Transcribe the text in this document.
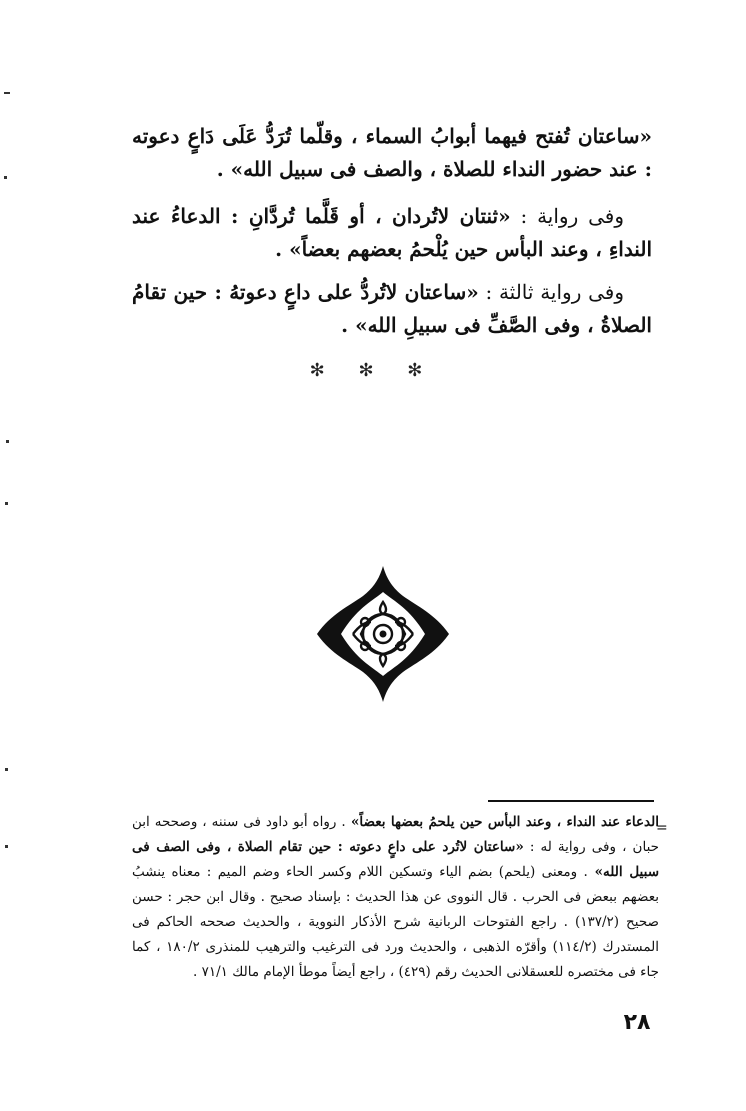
«ساعتان تُفتح فيهما أبوابُ السماء ، وقلّما تُرَدُّ عَلَى دَاعٍ دعوته : عند حضور النداء للصلاة ، والصف فى سبيل الله» .

وفى رواية : «ثنتان لاتُردان ، أو قَلَّما تُردَّانِ : الدعاءُ عند النداءِ ، وعند البأس حين يُلْحمُ بعضهم بعضاً» .

وفى رواية ثالثة : «ساعتان لاتُردُّ على داعٍ دعوتهُ : حين تقامُ الصلاةُ ، وفى الصَّفِّ فى سبيلِ الله» .

✻ ✻ ✻
=
الدعاء عند النداء ، وعند البأس حين يلحمُ بعضها بعضاً» . رواه أبو داود فى سننه ، وصححه ابن حبان ، وفى رواية له : «ساعتان لاتُرد على داعٍ دعوته : حين تقام الصلاة ، وفى الصف فى سبيل الله» . ومعنى (يلحم) بضم الياء وتسكين اللام وكسر الحاء وضم الميم : معناه ينشبُ بعضهم ببعض فى الحرب . قال النووى عن هذا الحديث : بإسناد صحيح . وقال ابن حجر : حسن صحيح (١٣٧/٢) . راجع الفتوحات الربانية شرح الأذكار النووية ، والحديث صححه الحاكم فى المستدرك (١١٤/٢) وأقرّه الذهبى ، والحديث ورد فى الترغيب والترهيب للمنذرى ١٨٠/٢ ، كما جاء فى مختصره للعسقلانى الحديث رقم (٤٢٩) ، راجع أيضاً موطأ الإمام مالك ٧١/١ .
٢٨
